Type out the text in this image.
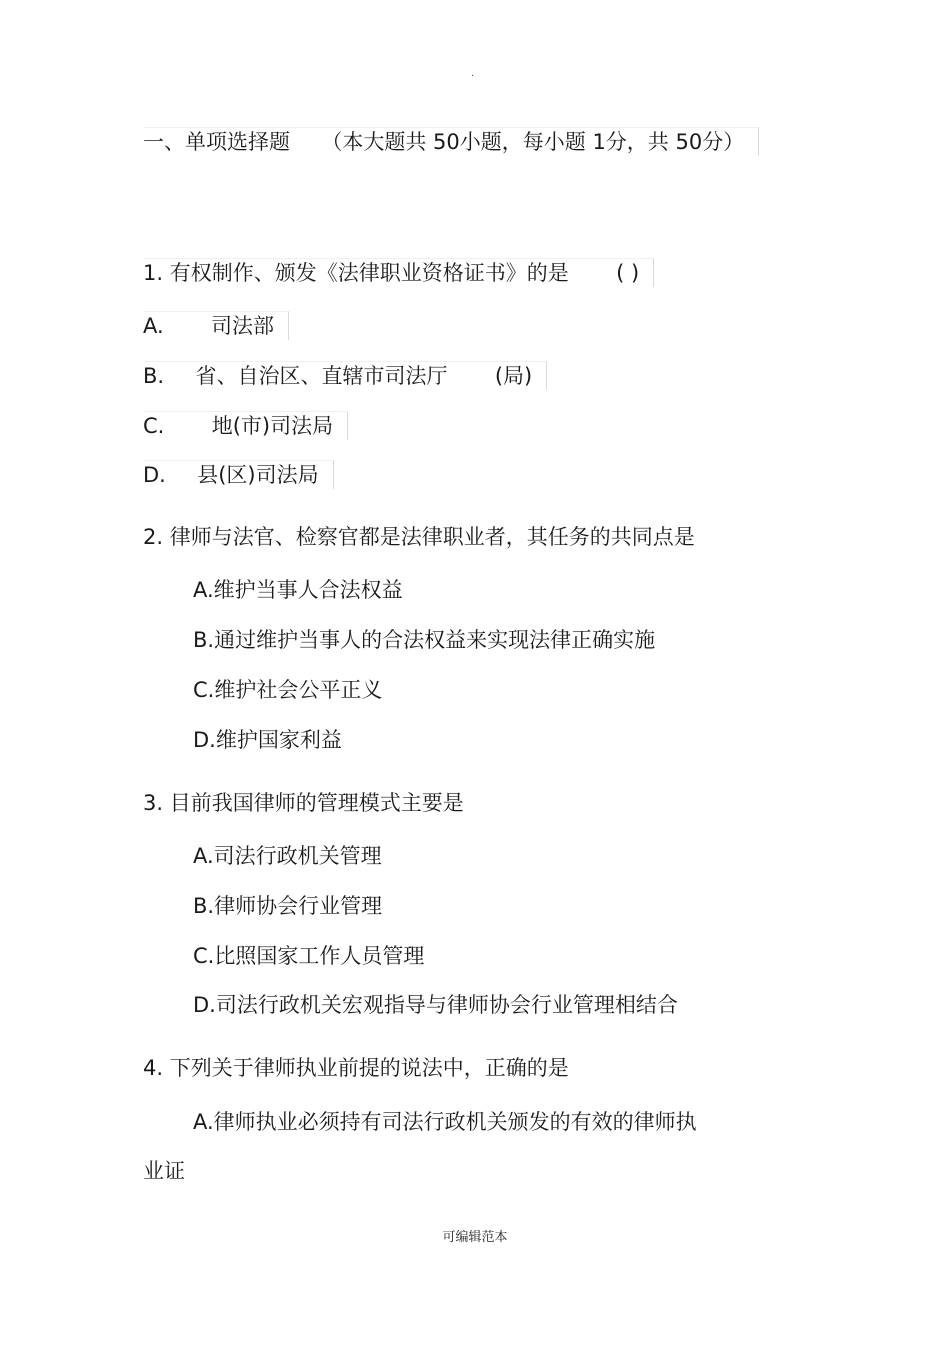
.
一、单项选择题 （本大题共 50小题，每小题 1分，共 50分）
1. 有权制作、颁发《法律职业资格证书》的是 ( )
A. 司法部
B. 省、自治区、直辖市司法厅 (局)
C. 地(市)司法局
D. 县(区)司法局
2. 律师与法官、检察官都是法律职业者，其任务的共同点是
A.维护当事人合法权益
B.通过维护当事人的合法权益来实现法律正确实施
C.维护社会公平正义
D.维护国家利益
3. 目前我国律师的管理模式主要是
A.司法行政机关管理
B.律师协会行业管理
C.比照国家工作人员管理
D.司法行政机关宏观指导与律师协会行业管理相结合
4. 下列关于律师执业前提的说法中，正确的是
A.律师执业必须持有司法行政机关颁发的有效的律师执
业证
可编辑范本
